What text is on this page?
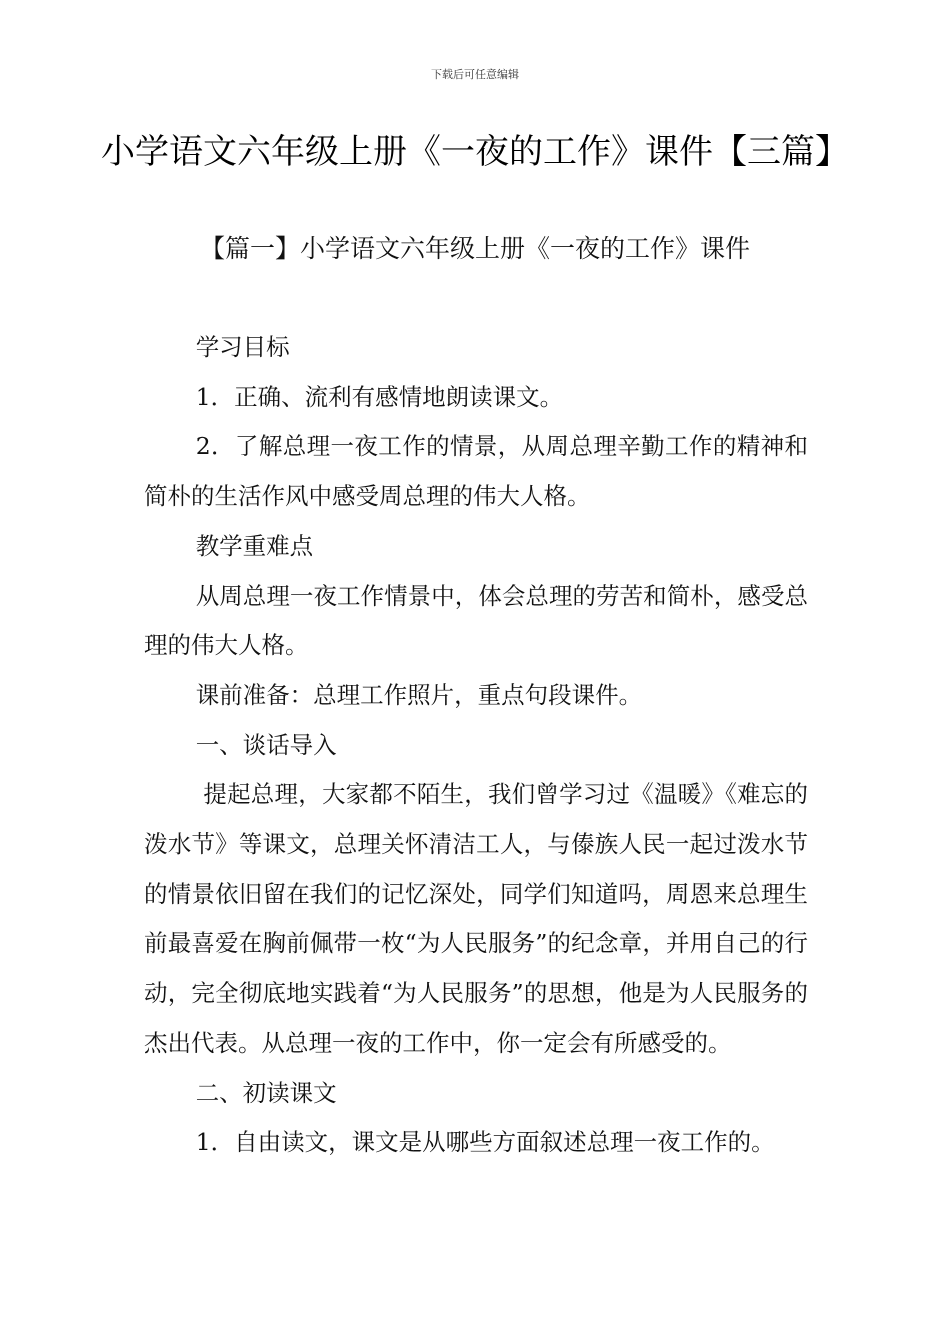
下载后可任意编辑
小学语文六年级上册《一夜的工作》课件【三篇】
【篇一】小学语文六年级上册《一夜的工作》课件

学习目标

1．正确、流利有感情地朗读课文。

2．了解总理一夜工作的情景，从周总理辛勤工作的精神和简朴的生活作风中感受周总理的伟大人格。

教学重难点

从周总理一夜工作情景中，体会总理的劳苦和简朴，感受总理的伟大人格。

课前准备：总理工作照片，重点句段课件。

一、谈话导入

提起总理，大家都不陌生，我们曾学习过《温暖》《难忘的泼水节》等课文，总理关怀清洁工人，与傣族人民一起过泼水节的情景依旧留在我们的记忆深处，同学们知道吗，周恩来总理生前最喜爱在胸前佩带一枚“为人民服务”的纪念章，并用自己的行动，完全彻底地实践着“为人民服务”的思想，他是为人民服务的杰出代表。从总理一夜的工作中，你一定会有所感受的。

二、初读课文

1．自由读文，课文是从哪些方面叙述总理一夜工作的。
